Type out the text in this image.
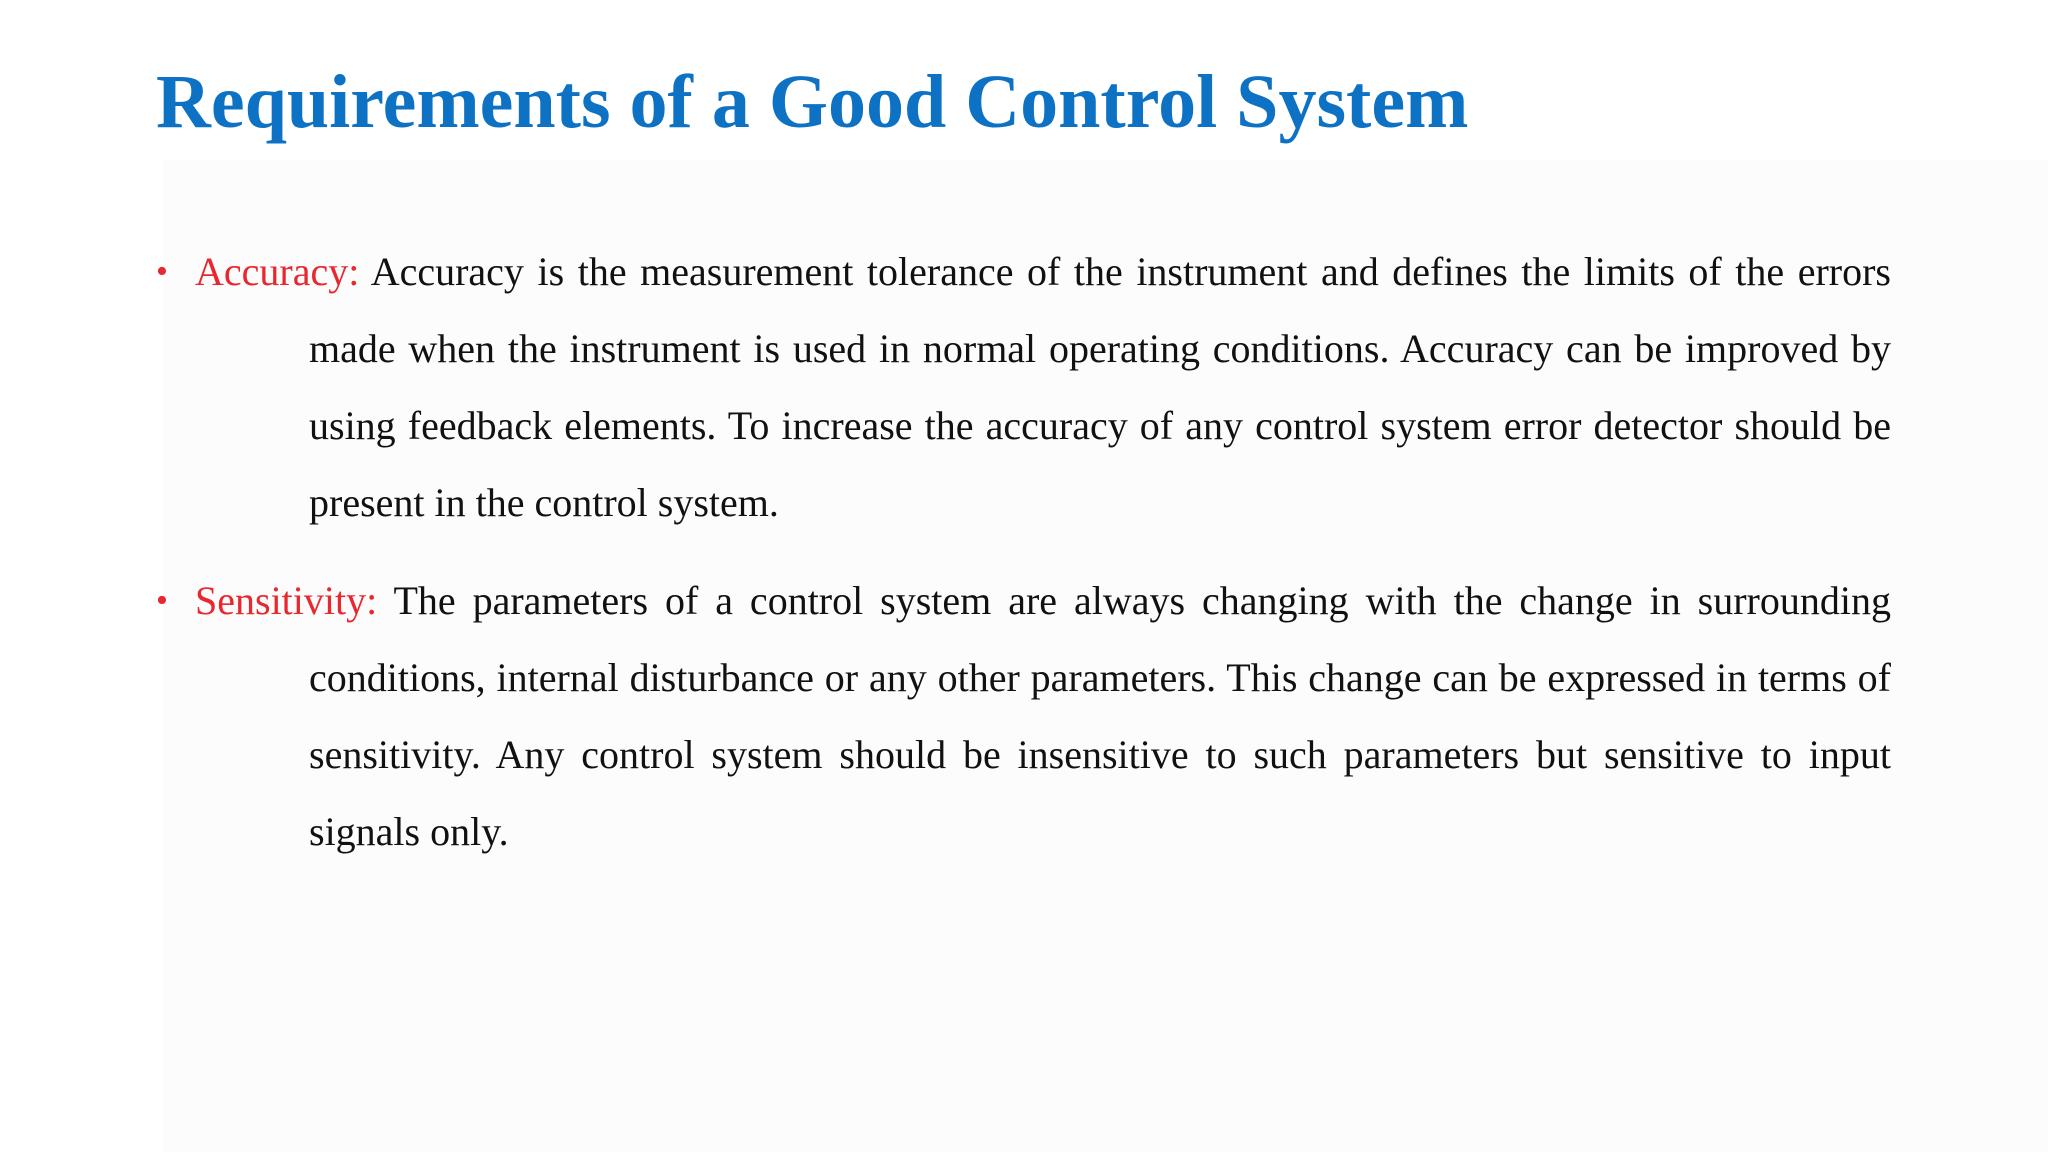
Requirements of a Good Control System
• Accuracy: Accuracy is the measurement tolerance of the instrument and defines the limits of the errors made when the instrument is used in normal operating conditions. Accuracy can be improved by using feedback elements. To increase the accuracy of any control system error detector should be present in the control system.
• Sensitivity: The parameters of a control system are always changing with the change in surrounding conditions, internal disturbance or any other parameters. This change can be expressed in terms of sensitivity. Any control system should be insensitive to such parameters but sensitive to input signals only.
